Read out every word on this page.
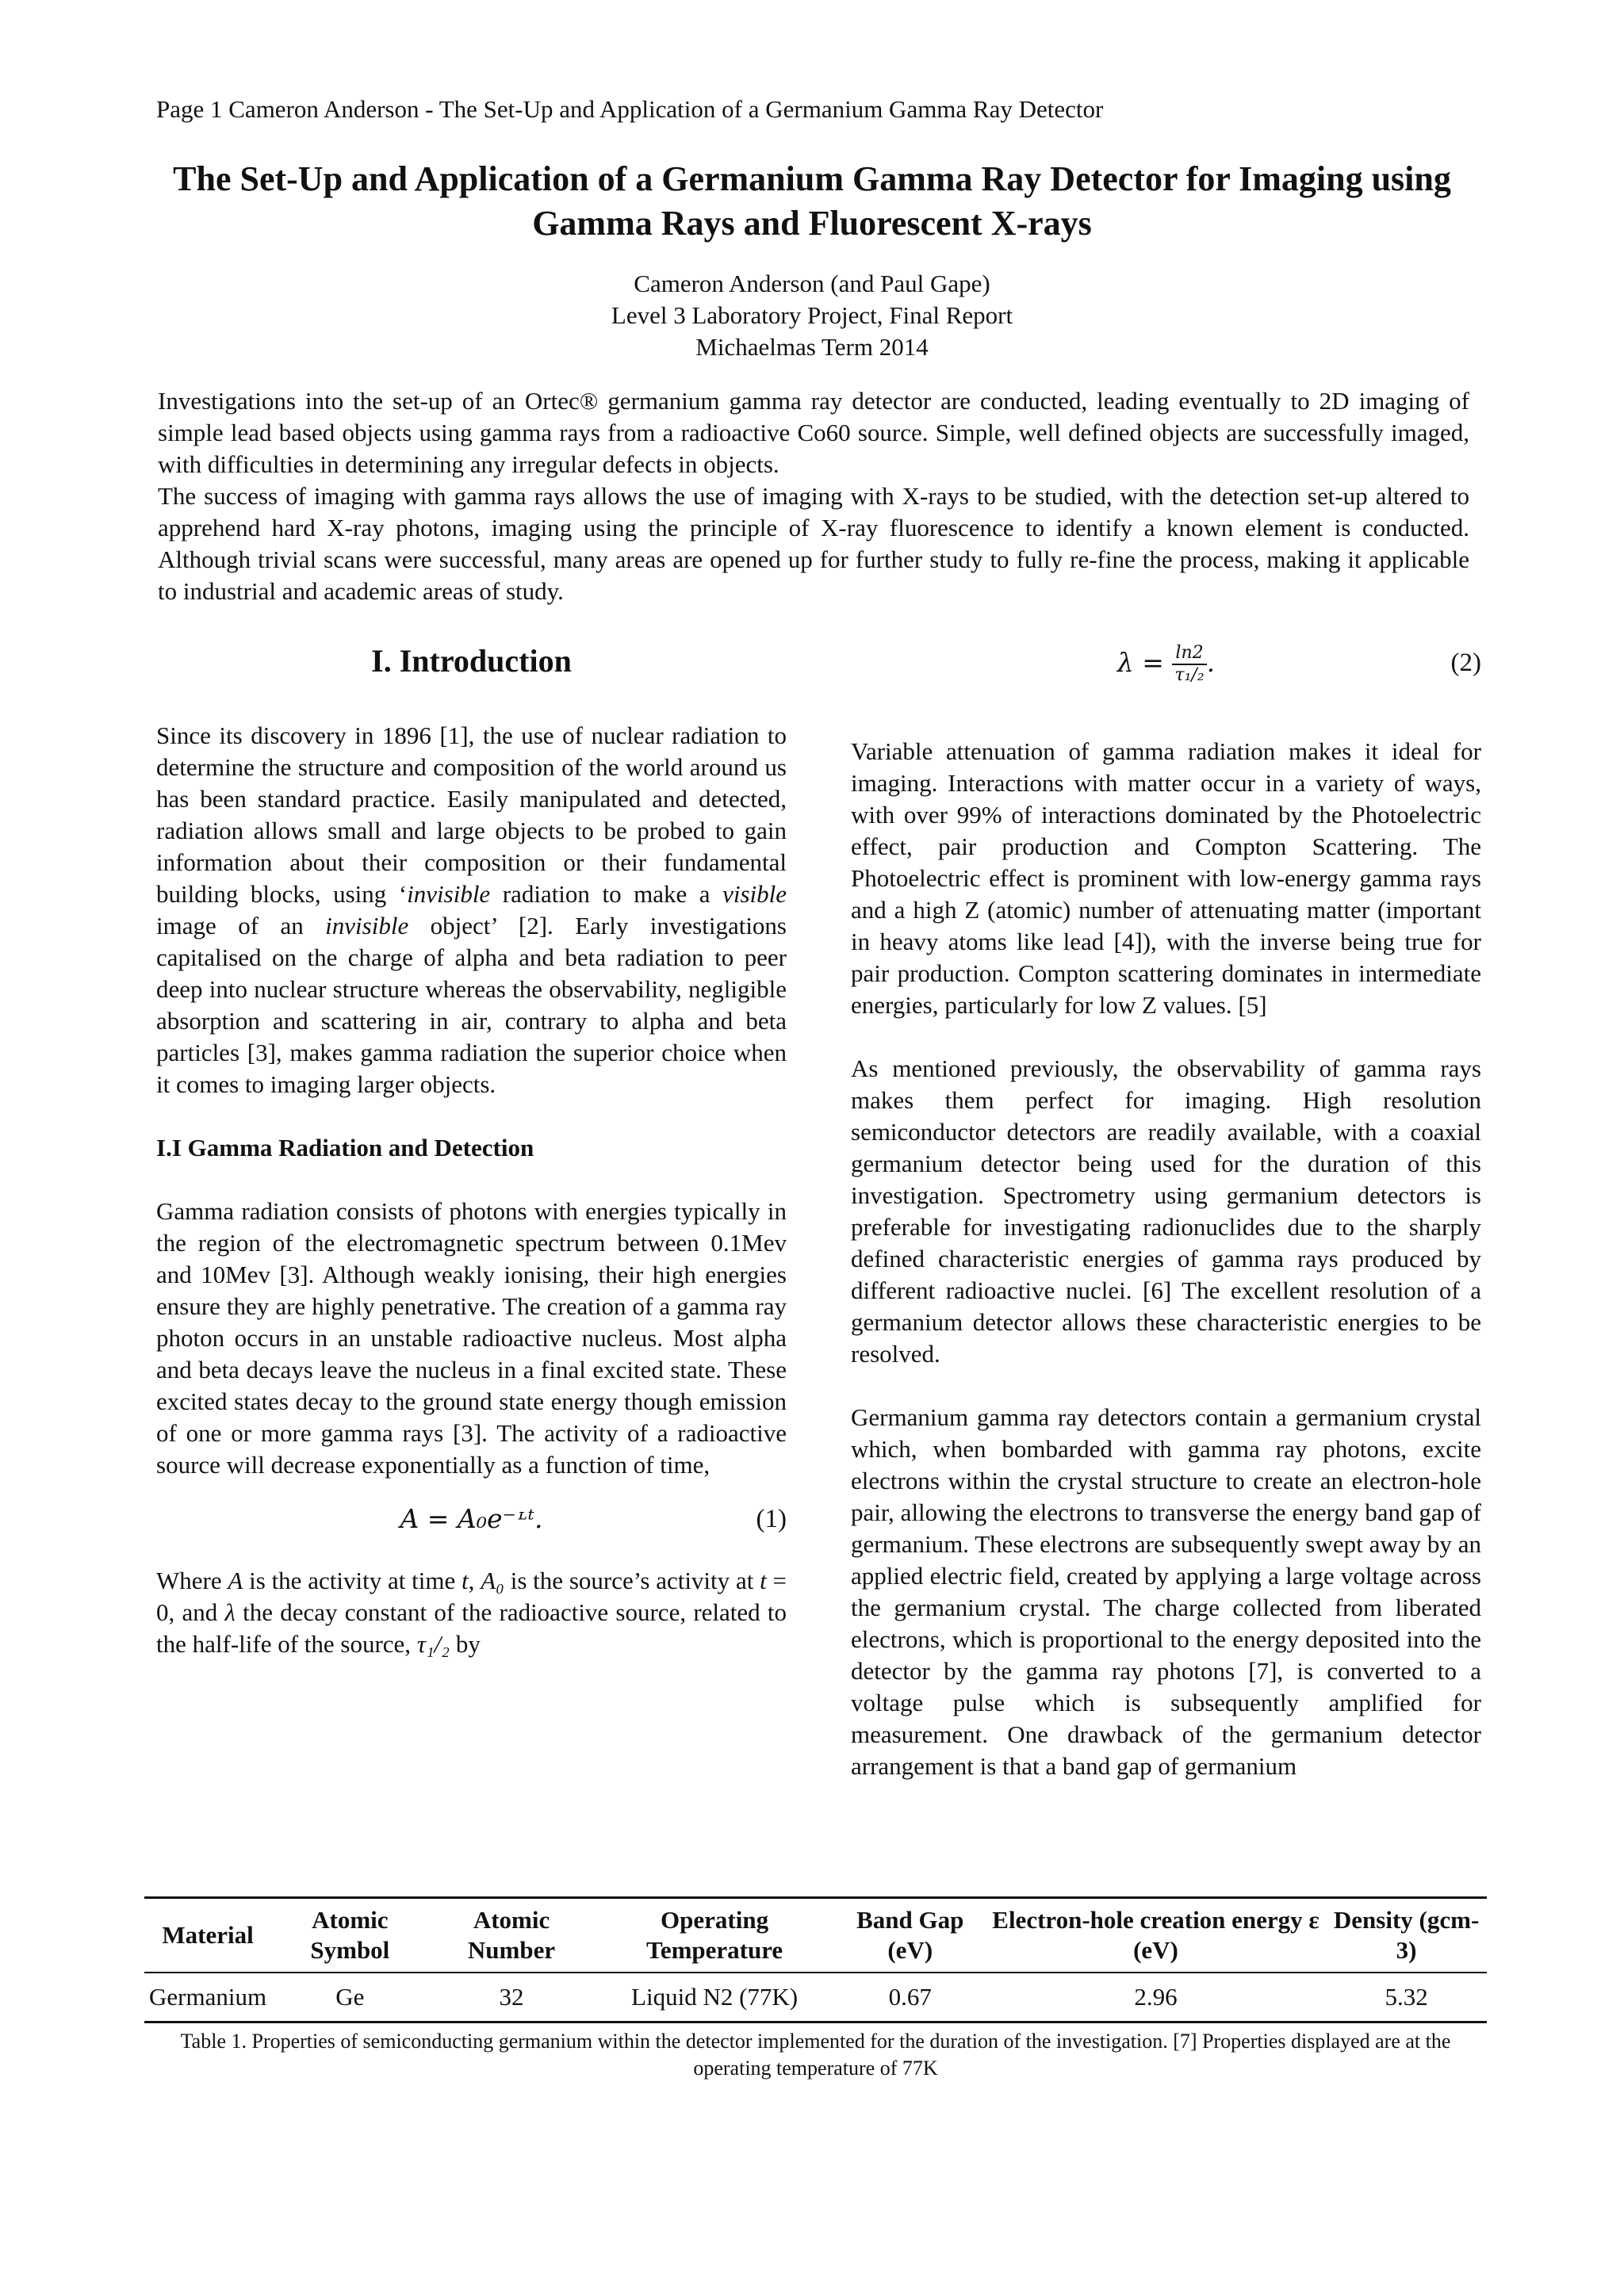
Page 1 Cameron Anderson - The Set-Up and Application of a Germanium Gamma Ray Detector
The Set-Up and Application of a Germanium Gamma Ray Detector for Imaging using Gamma Rays and Fluorescent X-rays
Cameron Anderson (and Paul Gape)
Level 3 Laboratory Project, Final Report
Michaelmas Term 2014

Investigations into the set-up of an Ortec® germanium gamma ray detector are conducted, leading eventually to 2D imaging of simple lead based objects using gamma rays from a radioactive Co60 source. Simple, well defined objects are successfully imaged, with difficulties in determining any irregular defects in objects.

The success of imaging with gamma rays allows the use of imaging with X-rays to be studied, with the detection set-up altered to apprehend hard X-ray photons, imaging using the principle of X-ray fluorescence to identify a known element is conducted. Although trivial scans were successful, many areas are opened up for further study to fully re-fine the process, making it applicable to industrial and academic areas of study.

I. Introduction

Since its discovery in 1896 [1], the use of nuclear radiation to determine the structure and composition of the world around us has been standard practice. Easily manipulated and detected, radiation allows small and large objects to be probed to gain information about their composition or their fundamental building blocks, using ‘invisible radiation to make a visible image of an invisible object’ [2]. Early investigations capitalised on the charge of alpha and beta radiation to peer deep into nuclear structure whereas the observability, negligible absorption and scattering in air, contrary to alpha and beta particles [3], makes gamma radiation the superior choice when it comes to imaging larger objects.

I.I Gamma Radiation and Detection

Gamma radiation consists of photons with energies typically in the region of the electromagnetic spectrum between 0.1Mev and 10Mev [3]. Although weakly ionising, their high energies ensure they are highly penetrative. The creation of a gamma ray photon occurs in an unstable radioactive nucleus. Most alpha and beta decays leave the nucleus in a final excited state. These excited states decay to the ground state energy though emission of one or more gamma rays [3]. The activity of a radioactive source will decrease exponentially as a function of time,

A = A₀e⁻ᶫᵗ.	(1)

Where A is the activity at time t, A₀ is the source’s activity at t = 0, and λ the decay constant of the radioactive source, related to the half-life of the source, τ₁/₂ by

$\lambda = \frac{\ln 2}{\text{τ₁/₂}}$ .	(2)

Variable attenuation of gamma radiation makes it ideal for imaging. Interactions with matter occur in a variety of ways, with over 99% of interactions dominated by the Photoelectric effect, pair production and Compton Scattering. The Photoelectric effect is prominent with low-energy gamma rays and a high Z (atomic) number of attenuating matter (important in heavy atoms like lead [4]), with the inverse being true for pair production. Compton scattering dominates in intermediate energies, particularly for low Z values. [5]

As mentioned previously, the observability of gamma rays makes them perfect for imaging. High resolution semiconductor detectors are readily available, with a coaxial germanium detector being used for the duration of this investigation. Spectrometry using germanium detectors is preferable for investigating radionuclides due to the sharply defined characteristic energies of gamma rays produced by different radioactive nuclei. [6] The excellent resolution of a germanium detector allows these characteristic energies to be resolved.

Germanium gamma ray detectors contain a germanium crystal which, when bombarded with gamma ray photons, excite electrons within the crystal structure to create an electron-hole pair, allowing the electrons to transverse the energy band gap of germanium. These electrons are subsequently swept away by an applied electric field, created by applying a large voltage across the germanium crystal. The charge collected from liberated electrons, which is proportional to the energy deposited into the detector by the gamma ray photons [7], is converted to a voltage pulse which is subsequently amplified for measurement. One drawback of the germanium detector arrangement is that a band gap of germanium

Material	Atomic Symbol	Atomic Number	Operating Temperature	Band Gap (eV)	Electron-hole creation energy ε (eV)	Density (gcm-3)
Germanium	Ge	32	Liquid N2 (77K)	0.67	2.96	5.32
Table 1. Properties of semiconducting germanium within the detector implemented for the duration of the investigation. [7] Properties displayed are at the operating temperature of 77K
